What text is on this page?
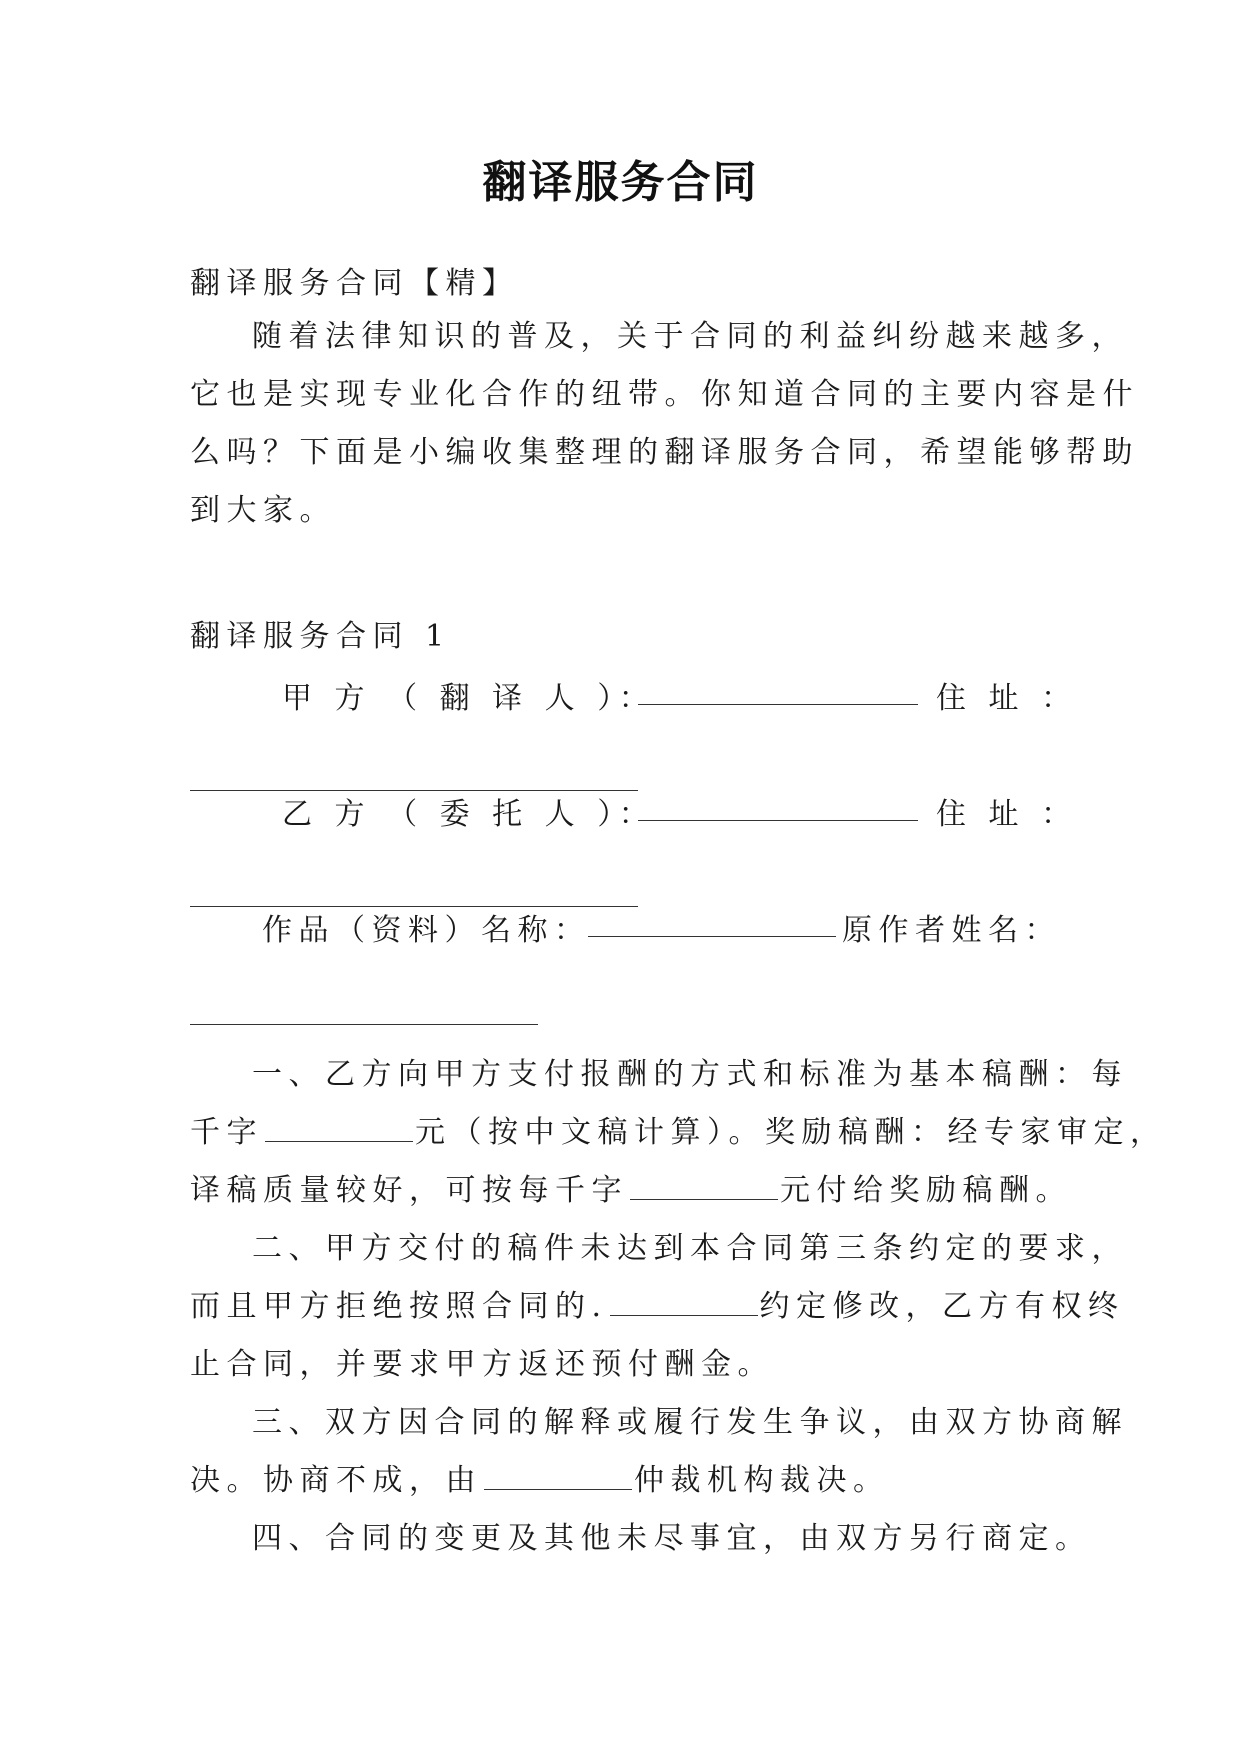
翻译服务合同
翻译服务合同【精】
随着法律知识的普及，关于合同的利益纠纷越来越多，
它也是实现专业化合作的纽带。你知道合同的主要内容是什
么吗？下面是小编收集整理的翻译服务合同，希望能够帮助
到大家。
翻译服务合同 1
甲 方 （ 翻 译 人 ）：	住 址 ：
乙 方 （ 委 托 人 ）：	住 址 ：
作品（资料）名称：	原作者姓名：
一、乙方向甲方支付报酬的方式和标准为基本稿酬：每
千字	元（按中文稿计算）。奖励稿酬：经专家审定，
译稿质量较好，可按每千字	元付给奖励稿酬。
二、甲方交付的稿件未达到本合同第三条约定的要求，
而且甲方拒绝按照合同的.	约定修改，乙方有权终
止合同，并要求甲方返还预付酬金。
三、双方因合同的解释或履行发生争议，由双方协商解
决。协商不成，由	仲裁机构裁决。
四、合同的变更及其他未尽事宜，由双方另行商定。
